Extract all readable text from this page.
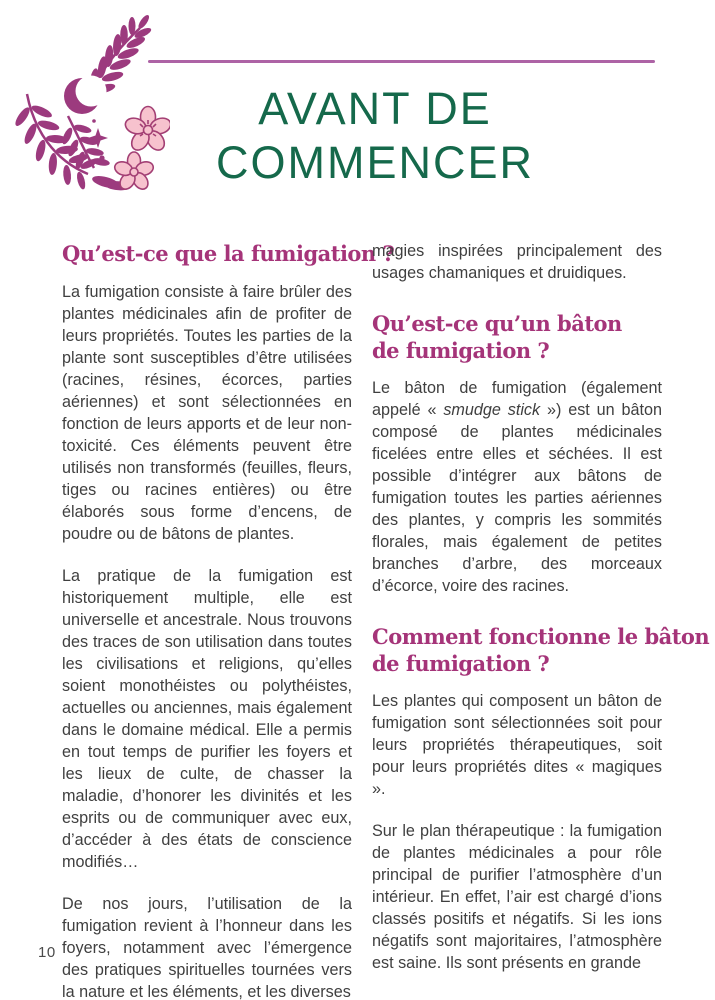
AVANT DE
COMMENCER
Qu’est-ce que la fumigation ?

La fumigation consiste à faire brûler des plantes médicinales afin de profiter de leurs propriétés. Toutes les parties de la plante sont susceptibles d’être utilisées (racines, résines, écorces, parties aériennes) et sont sélectionnées en fonction de leurs apports et de leur non-toxicité. Ces éléments peuvent être utilisés non transformés (feuilles, fleurs, tiges ou racines entières) ou être élaborés sous forme d’encens, de poudre ou de bâtons de plantes.

La pratique de la fumigation est historiquement multiple, elle est universelle et ancestrale. Nous trouvons des traces de son utilisation dans toutes les civilisations et religions, qu’elles soient monothéistes ou polythéistes, actuelles ou anciennes, mais également dans le domaine médical. Elle a permis en tout temps de purifier les foyers et les lieux de culte, de chasser la maladie, d’honorer les divinités et les esprits ou de communiquer avec eux, d’accéder à des états de conscience modifiés…

De nos jours, l’utilisation de la fumigation revient à l’honneur dans les foyers, notamment avec l’émergence des pratiques spirituelles tournées vers la nature et les éléments, et les diverses

magies inspirées principalement des usages chamaniques et druidiques.

Qu’est-ce qu’un bâton
de fumigation ?

Le bâton de fumigation (également appelé « smudge stick ») est un bâton composé de plantes médicinales ficelées entre elles et séchées. Il est possible d’intégrer aux bâtons de fumigation toutes les parties aériennes des plantes, y compris les sommités florales, mais également de petites branches d’arbre, des morceaux d’écorce, voire des racines.

Comment fonctionne le bâton
de fumigation ?

Les plantes qui composent un bâton de fumigation sont sélectionnées soit pour leurs propriétés thérapeutiques, soit pour leurs propriétés dites « magiques ».

Sur le plan thérapeutique : la fumigation de plantes médicinales a pour rôle principal de purifier l’atmosphère d’un intérieur. En effet, l’air est chargé d’ions classés positifs et négatifs. Si les ions négatifs sont majoritaires, l’atmosphère est saine. Ils sont présents en grande

10
